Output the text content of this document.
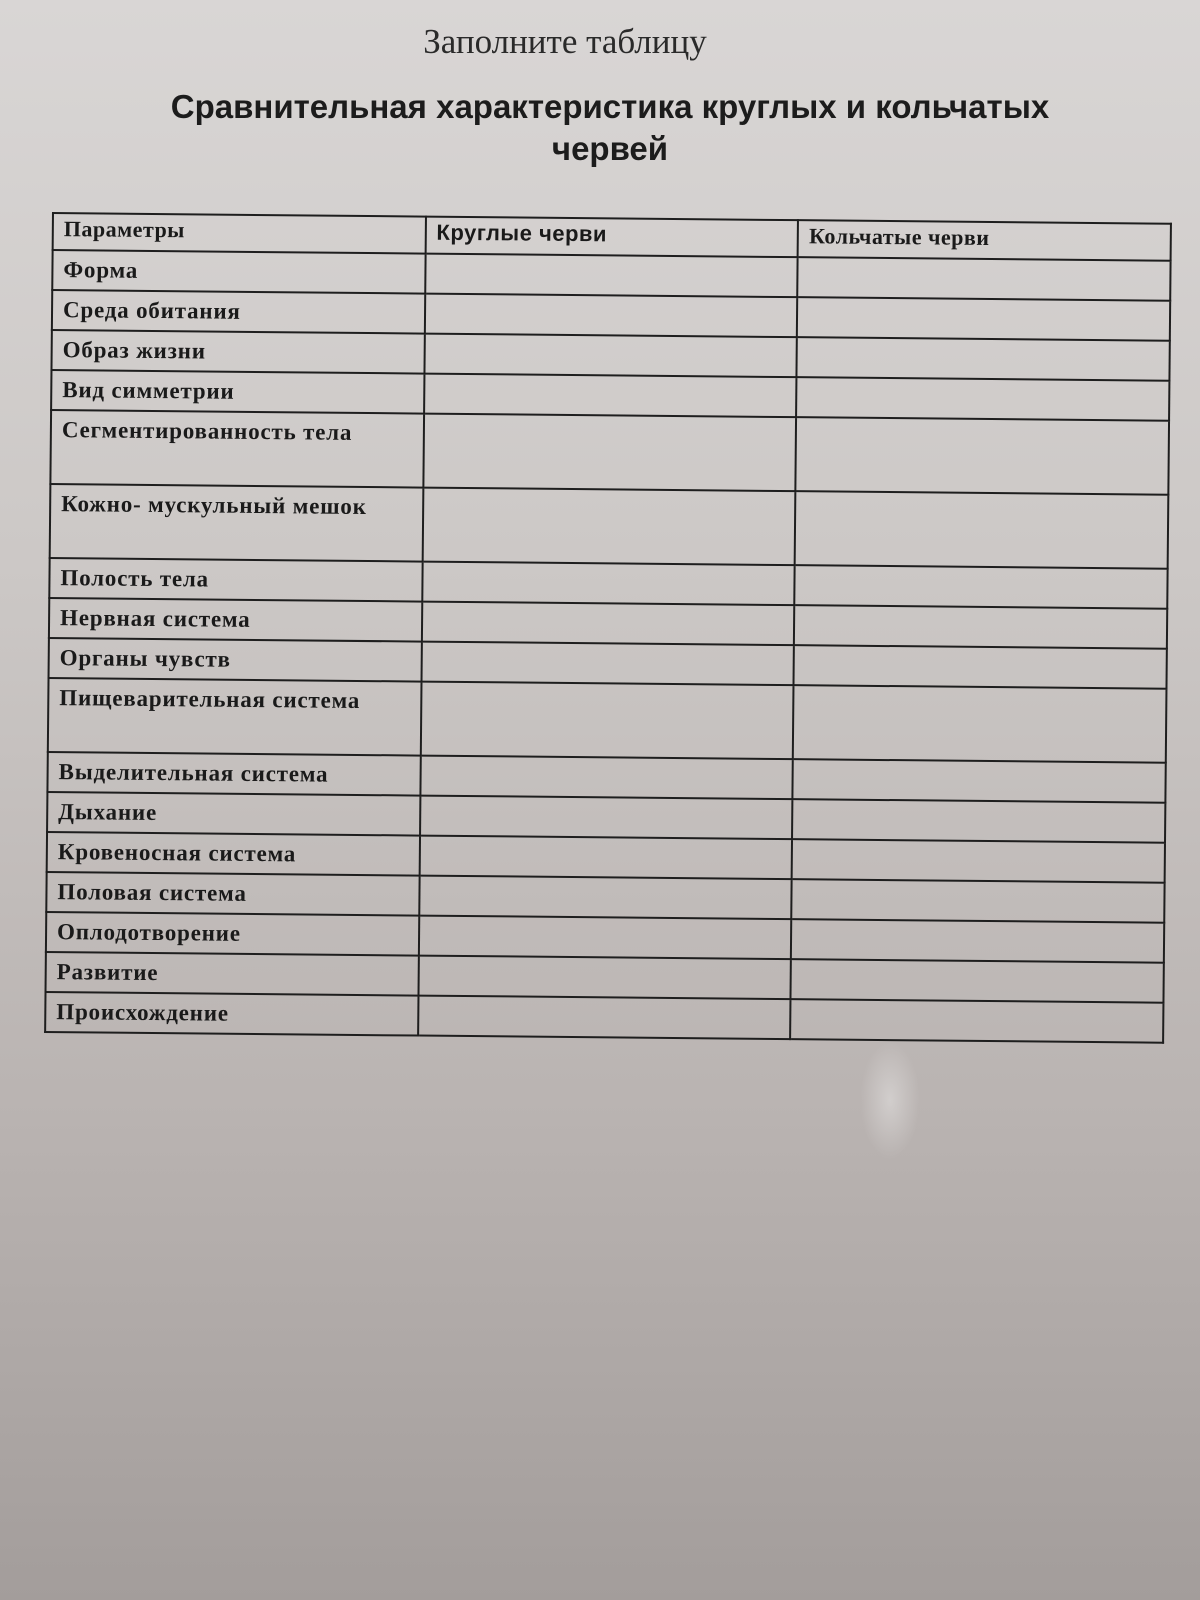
Заполните таблицу
Сравнительная характеристика круглых и кольчатых червей
Параметры	Круглые черви	Кольчатые черви
Форма		
Среда обитания		
Образ жизни		
Вид симметрии		
Сегментированность тела		
Кожно- мускульный мешок		
Полость тела		
Нервная система		
Органы чувств		
Пищеварительная система		
Выделительная система		
Дыхание		
Кровеносная система		
Половая система		
Оплодотворение		
Развитие		
Происхождение		
